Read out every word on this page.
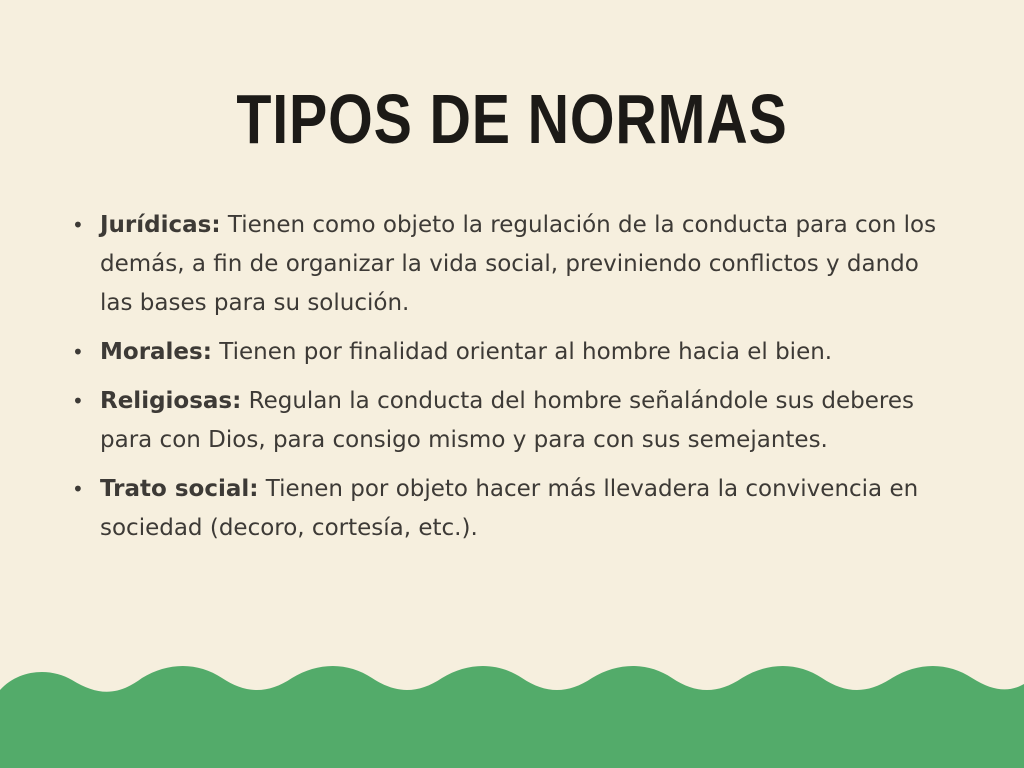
TIPOS DE NORMAS
• Jurídicas: Tienen como objeto la regulación de la conducta para con los demás, a fin de organizar la vida social, previniendo conflictos y dando las bases para su solución.
• Morales: Tienen por finalidad orientar al hombre hacia el bien.
• Religiosas: Regulan la conducta del hombre señalándole sus deberes para con Dios, para consigo mismo y para con sus semejantes.
• Trato social: Tienen por objeto hacer más llevadera la convivencia en sociedad (decoro, cortesía, etc.).
